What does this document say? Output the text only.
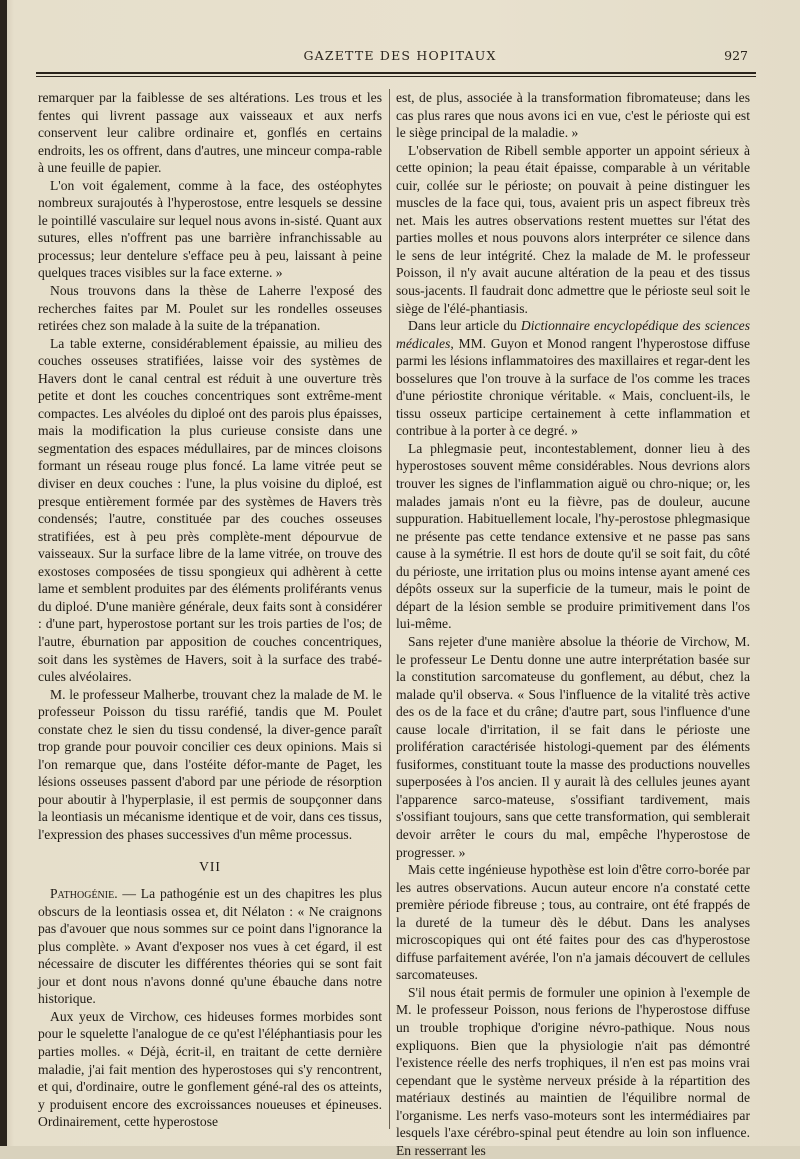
GAZETTE DES HOPITAUX	927

remarquer par la faiblesse de ses altérations. Les trous et les fentes qui livrent passage aux vaisseaux et aux nerfs conservent leur calibre ordinaire et, gonflés en certains endroits, les os offrent, dans d'autres, une minceur compa-rable à une feuille de papier.

L'on voit également, comme à la face, des ostéophytes nombreux surajoutés à l'hyperostose, entre lesquels se dessine le pointillé vasculaire sur lequel nous avons in-sisté. Quant aux sutures, elles n'offrent pas une barrière infranchissable au processus; leur dentelure s'efface peu à peu, laissant à peine quelques traces visibles sur la face externe. »

Nous trouvons dans la thèse de Laherre l'exposé des recherches faites par M. Poulet sur les rondelles osseuses retirées chez son malade à la suite de la trépanation.

La table externe, considérablement épaissie, au milieu des couches osseuses stratifiées, laisse voir des systèmes de Havers dont le canal central est réduit à une ouverture très petite et dont les couches concentriques sont extrême-ment compactes. Les alvéoles du diploé ont des parois plus épaisses, mais la modification la plus curieuse consiste dans une segmentation des espaces médullaires, par de minces cloisons formant un réseau rouge plus foncé. La lame vitrée peut se diviser en deux couches : l'une, la plus voisine du diploé, est presque entièrement formée par des systèmes de Havers très condensés; l'autre, constituée par des couches osseuses stratifiées, est à peu près complète-ment dépourvue de vaisseaux. Sur la surface libre de la lame vitrée, on trouve des exostoses composées de tissu spongieux qui adhèrent à cette lame et semblent produites par des éléments proliférants venus du diploé. D'une manière générale, deux faits sont à considérer : d'une part, hyperostose portant sur les trois parties de l'os; de l'autre, éburnation par apposition de couches concentriques, soit dans les systèmes de Havers, soit à la surface des trabé-cules alvéolaires.

M. le professeur Malherbe, trouvant chez la malade de M. le professeur Poisson du tissu raréfié, tandis que M. Poulet constate chez le sien du tissu condensé, la diver-gence paraît trop grande pour pouvoir concilier ces deux opinions. Mais si l'on remarque que, dans l'ostéite défor-mante de Paget, les lésions osseuses passent d'abord par une période de résorption pour aboutir à l'hyperplasie, il est permis de soupçonner dans la leontiasis un mécanisme identique et de voir, dans ces tissus, l'expression des phases successives d'un même processus.

VII

Pathogénie. — La pathogénie est un des chapitres les plus obscurs de la leontiasis ossea et, dit Nélaton : « Ne craignons pas d'avouer que nous sommes sur ce point dans l'ignorance la plus complète. » Avant d'exposer nos vues à cet égard, il est nécessaire de discuter les différentes théories qui se sont fait jour et dont nous n'avons donné qu'une ébauche dans notre historique.

Aux yeux de Virchow, ces hideuses formes morbides sont pour le squelette l'analogue de ce qu'est l'éléphantiasis pour les parties molles. « Déjà, écrit-il, en traitant de cette dernière maladie, j'ai fait mention des hyperostoses qui s'y rencontrent, et qui, d'ordinaire, outre le gonflement géné-ral des os atteints, y produisent encore des excroissances noueuses et épineuses. Ordinairement, cette hyperostose

est, de plus, associée à la transformation fibromateuse; dans les cas plus rares que nous avons ici en vue, c'est le périoste qui est le siège principal de la maladie. »

L'observation de Ribell semble apporter un appoint sérieux à cette opinion; la peau était épaisse, comparable à un véritable cuir, collée sur le périoste; on pouvait à peine distinguer les muscles de la face qui, tous, avaient pris un aspect fibreux très net. Mais les autres observations restent muettes sur l'état des parties molles et nous pouvons alors interpréter ce silence dans le sens de leur intégrité. Chez la malade de M. le professeur Poisson, il n'y avait aucune altération de la peau et des tissus sous-jacents. Il faudrait donc admettre que le périoste seul soit le siège de l'élé-phantiasis.

Dans leur article du Dictionnaire encyclopédique des sciences médicales, MM. Guyon et Monod rangent l'hyperostose diffuse parmi les lésions inflammatoires des maxillaires et regar-dent les bosselures que l'on trouve à la surface de l'os comme les traces d'une périostite chronique véritable. « Mais, concluent-ils, le tissu osseux participe certainement à cette inflammation et contribue à la porter à ce degré. »

La phlegmasie peut, incontestablement, donner lieu à des hyperostoses souvent même considérables. Nous devrions alors trouver les signes de l'inflammation aiguë ou chro-nique; or, les malades jamais n'ont eu la fièvre, pas de douleur, aucune suppuration. Habituellement locale, l'hy-perostose phlegmasique ne présente pas cette tendance extensive et ne passe pas sans cause à la symétrie. Il est hors de doute qu'il se soit fait, du côté du périoste, une irritation plus ou moins intense ayant amené ces dépôts osseux sur la superficie de la tumeur, mais le point de départ de la lésion semble se produire primitivement dans l'os lui-même.

Sans rejeter d'une manière absolue la théorie de Virchow, M. le professeur Le Dentu donne une autre interprétation basée sur la constitution sarcomateuse du gonflement, au début, chez la malade qu'il observa. « Sous l'influence de la vitalité très active des os de la face et du crâne; d'autre part, sous l'influence d'une cause locale d'irritation, il se fait dans le périoste une prolifération caractérisée histologi-quement par des éléments fusiformes, constituant toute la masse des productions nouvelles superposées à l'os ancien. Il y aurait là des cellules jeunes ayant l'apparence sarco-mateuse, s'ossifiant tardivement, mais s'ossifiant toujours, sans que cette transformation, qui semblerait devoir arrêter le cours du mal, empêche l'hyperostose de progresser. »

Mais cette ingénieuse hypothèse est loin d'être corro-borée par les autres observations. Aucun auteur encore n'a constaté cette première période fibreuse ; tous, au contraire, ont été frappés de la dureté de la tumeur dès le début. Dans les analyses microscopiques qui ont été faites pour des cas d'hyperostose diffuse parfaitement avérée, l'on n'a jamais découvert de cellules sarcomateuses.

S'il nous était permis de formuler une opinion à l'exemple de M. le professeur Poisson, nous ferions de l'hyperostose diffuse un trouble trophique d'origine névro-pathique. Nous nous expliquons. Bien que la physiologie n'ait pas démontré l'existence réelle des nerfs trophiques, il n'en est pas moins vrai cependant que le système nerveux préside à la répartition des matériaux destinés au maintien de l'équilibre normal de l'organisme. Les nerfs vaso-moteurs sont les intermédiaires par lesquels l'axe cérébro-spinal peut étendre au loin son influence. En resserrant les
